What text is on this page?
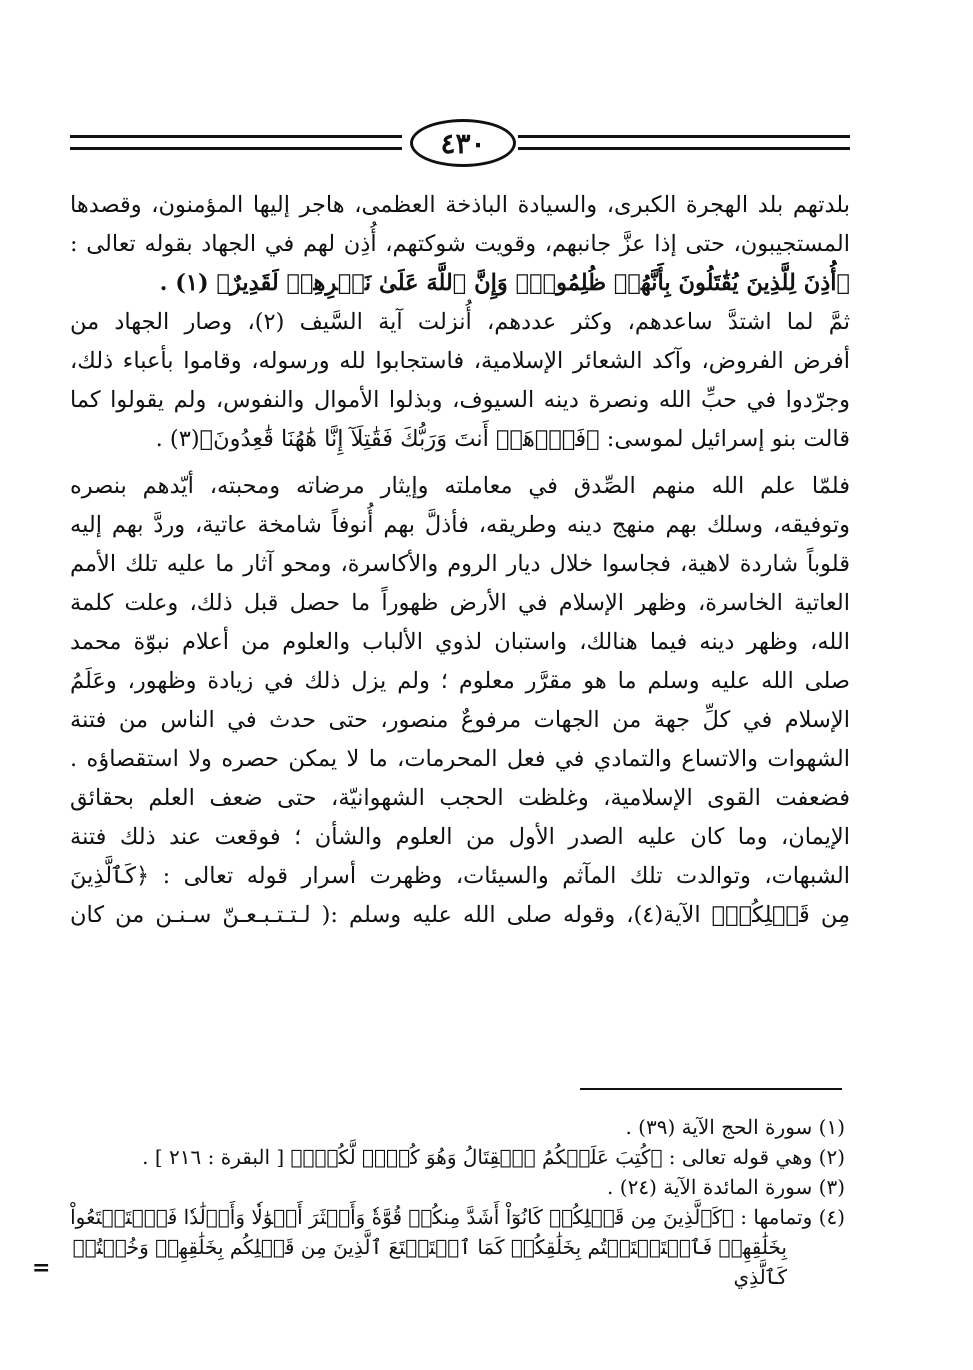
٤٣٠

بلدتهم بلد الهجرة الكبرى، والسيادة الباذخة العظمى، هاجر إليها المؤمنون، وقصدها
المستجيبون، حتى إذا عزَّ جانبهم، وقويت شوكتهم، أُذِن لهم في الجهاد بقوله تعالى :
﴿أُذِنَ لِلَّذِينَ يُقَٰتَلُونَ بِأَنَّهُمۡ ظُلِمُواْۚ وَإِنَّ ٱللَّهَ عَلَىٰ نَصۡرِهِمۡ لَقَدِيرٌ﴾ (١) .

ثمَّ لما اشتدَّ ساعدهم، وكثر عددهم، أُنزلت آية السَّيف (٢)، وصار الجهاد من
أفرض الفروض، وآكد الشعائر الإسلامية، فاستجابوا لله ورسوله، وقاموا بأعباء ذلك،
وجرّدوا في حبِّ الله ونصرة دينه السيوف، وبذلوا الأموال والنفوس، ولم يقولوا كما
قالت بنو إسرائيل لموسى: ﴿فَٱذۡهَبۡ أَنتَ وَرَبُّكَ فَقَٰتِلَآ إِنَّا هَٰهُنَا قَٰعِدُونَ﴾(٣) .

فلمّا علم الله منهم الصِّدق في معاملته وإيثار مرضاته ومحبته، أيّدهم بنصره
وتوفيقه، وسلك بهم منهج دينه وطريقه، فأذلَّ بهم أُنوفاً شامخة عاتية، وردَّ بهم إليه
قلوباً شاردة لاهية، فجاسوا خلال ديار الروم والأكاسرة، ومحو آثار ما عليه تلك الأمم
العاتية الخاسرة، وظهر الإسلام في الأرض ظهوراً ما حصل قبل ذلك، وعلت كلمة
الله، وظهر دينه فيما هنالك، واستبان لذوي الألباب والعلوم من أعلام نبوّة محمد
صلى الله عليه وسلم ما هو مقرَّر معلوم ؛ ولم يزل ذلك في زيادة وظهور، وعَلَمُ
الإسلام في كلِّ جهة من الجهات مرفوعٌ منصور، حتى حدث في الناس من فتنة
الشهوات والاتساع والتمادي في فعل المحرمات، ما لا يمكن حصره ولا استقصاؤه .
فضعفت القوى الإسلامية، وغلظت الحجب الشهوانيّة، حتى ضعف العلم بحقائق
الإيمان، وما كان عليه الصدر الأول من العلوم والشأن ؛ فوقعت عند ذلك فتنة
الشبهات، وتوالدت تلك المآثم والسيئات، وظهرت أسرار قوله تعالى : ﴿كَٱلَّذِينَ
مِن قَبۡلِكُمۡ﴾ الآية(٤)، وقوله صلى الله عليه وسلم :( لـتـتـبـعـنّ سـنـن من كان

(١) سورة الحج الآية (٣٩) .
(٢) وهي قوله تعالى : ﴿كُتِبَ عَلَيۡكُمُ ٱلۡقِتَالُ وَهُوَ كُرۡهٞ لَّكُمۡۖ﴾ [ البقرة : ٢١٦ ] .
(٣) سورة المائدة الآية (٢٤) .
(٤) وتمامها : ﴿كَٱلَّذِينَ مِن قَبۡلِكُمۡ كَانُوٓاْ أَشَدَّ مِنكُمۡ قُوَّةٗ وَأَكۡثَرَ أَمۡوَٰلٗا وَأَوۡلَٰدٗا فَٱسۡتَمۡتَعُواْ
بِخَلَٰقِهِمۡ فَٱسۡتَمۡتَعۡتُم بِخَلَٰقِكُمۡ كَمَا ٱسۡتَمۡتَعَ ٱلَّذِينَ مِن قَبۡلِكُم بِخَلَٰقِهِمۡ وَخُضۡتُمۡ كَٱلَّذِي
=
